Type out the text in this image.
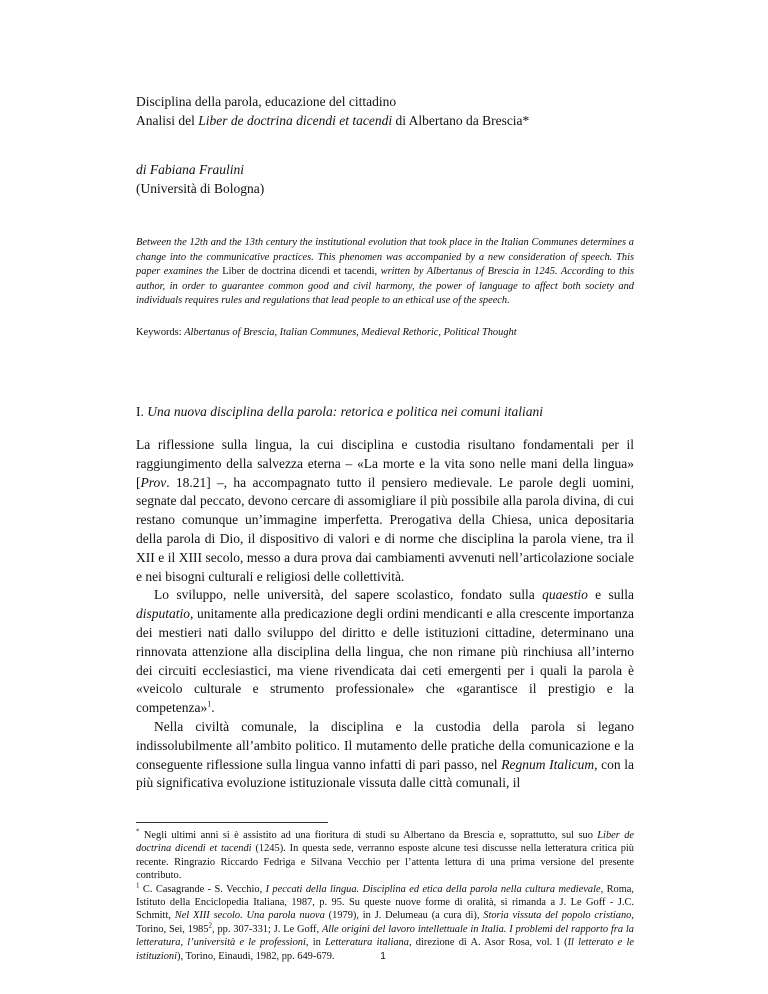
Disciplina della parola, educazione del cittadino

Analisi del Liber de doctrina dicendi et tacendi di Albertano da Brescia*

di Fabiana Fraulini

(Università di Bologna)

Between the 12th and the 13th century the institutional evolution that took place in the Italian Communes determines a change into the communicative practices. This phenomen was accompanied by a new consideration of speech. This paper examines the Liber de doctrina dicendi et tacendi, written by Albertanus of Brescia in 1245. According to this author, in order to guarantee common good and civil harmony, the power of language to affect both society and individuals requires rules and regulations that lead people to an ethical use of the speech.
Keywords: Albertanus of Brescia, Italian Communes, Medieval Rethoric, Political Thought
I. Una nuova disciplina della parola: retorica e politica nei comuni italiani

La riflessione sulla lingua, la cui disciplina e custodia risultano fondamentali per il raggiungimento della salvezza eterna – «La morte e la vita sono nelle mani della lingua» [Prov. 18.21] –, ha accompagnato tutto il pensiero medievale. Le parole degli uomini, segnate dal peccato, devono cercare di assomigliare il più possibile alla parola divina, di cui restano comunque un’immagine imperfetta. Prerogativa della Chiesa, unica depositaria della parola di Dio, il dispositivo di valori e di norme che disciplina la parola viene, tra il XII e il XIII secolo, messo a dura prova dai cambiamenti avvenuti nell’articolazione sociale e nei bisogni culturali e religiosi delle collettività.

Lo sviluppo, nelle università, del sapere scolastico, fondato sulla quaestio e sulla disputatio, unitamente alla predicazione degli ordini mendicanti e alla crescente importanza dei mestieri nati dallo sviluppo del diritto e delle istituzioni cittadine, determinano una rinnovata attenzione alla disciplina della lingua, che non rimane più rinchiusa all’interno dei circuiti ecclesiastici, ma viene rivendicata dai ceti emergenti per i quali la parola è «veicolo culturale e strumento professionale» che «garantisce il prestigio e la competenza»$^1$.

Nella civiltà comunale, la disciplina e la custodia della parola si legano indissolubilmente all’ambito politico. Il mutamento delle pratiche della comunicazione e la conseguente riflessione sulla lingua vanno infatti di pari passo, nel Regnum Italicum, con la più significativa evoluzione istituzionale vissuta dalle città comunali, il

* Negli ultimi anni si è assistito ad una fioritura di studi su Albertano da Brescia e, soprattutto, sul suo Liber de doctrina dicendi et tacendi (1245). In questa sede, verranno esposte alcune tesi discusse nella letteratura critica più recente. Ringrazio Riccardo Fedriga e Silvana Vecchio per l’attenta lettura di una prima versione del presente contributo.

$^1$ C. Casagrande - S. Vecchio, I peccati della lingua. Disciplina ed etica della parola nella cultura medievale, Roma, Istituto della Enciclopedia Italiana, 1987, p. 95. Su queste nuove forme di oralità, si rimanda a J. Le Goff - J.C. Schmitt, Nel XIII secolo. Una parola nuova (1979), in J. Delumeau (a cura di), Storia vissuta del popolo cristiano, Torino, Sei, 1985$^2$, pp. 307-331; J. Le Goff, Alle origini del lavoro intellettuale in Italia. I problemi del rapporto fra la letteratura, l’università e le professioni, in Letteratura italiana, direzione di A. Asor Rosa, vol. I (Il letterato e le istituzioni), Torino, Einaudi, 1982, pp. 649-679.	1
